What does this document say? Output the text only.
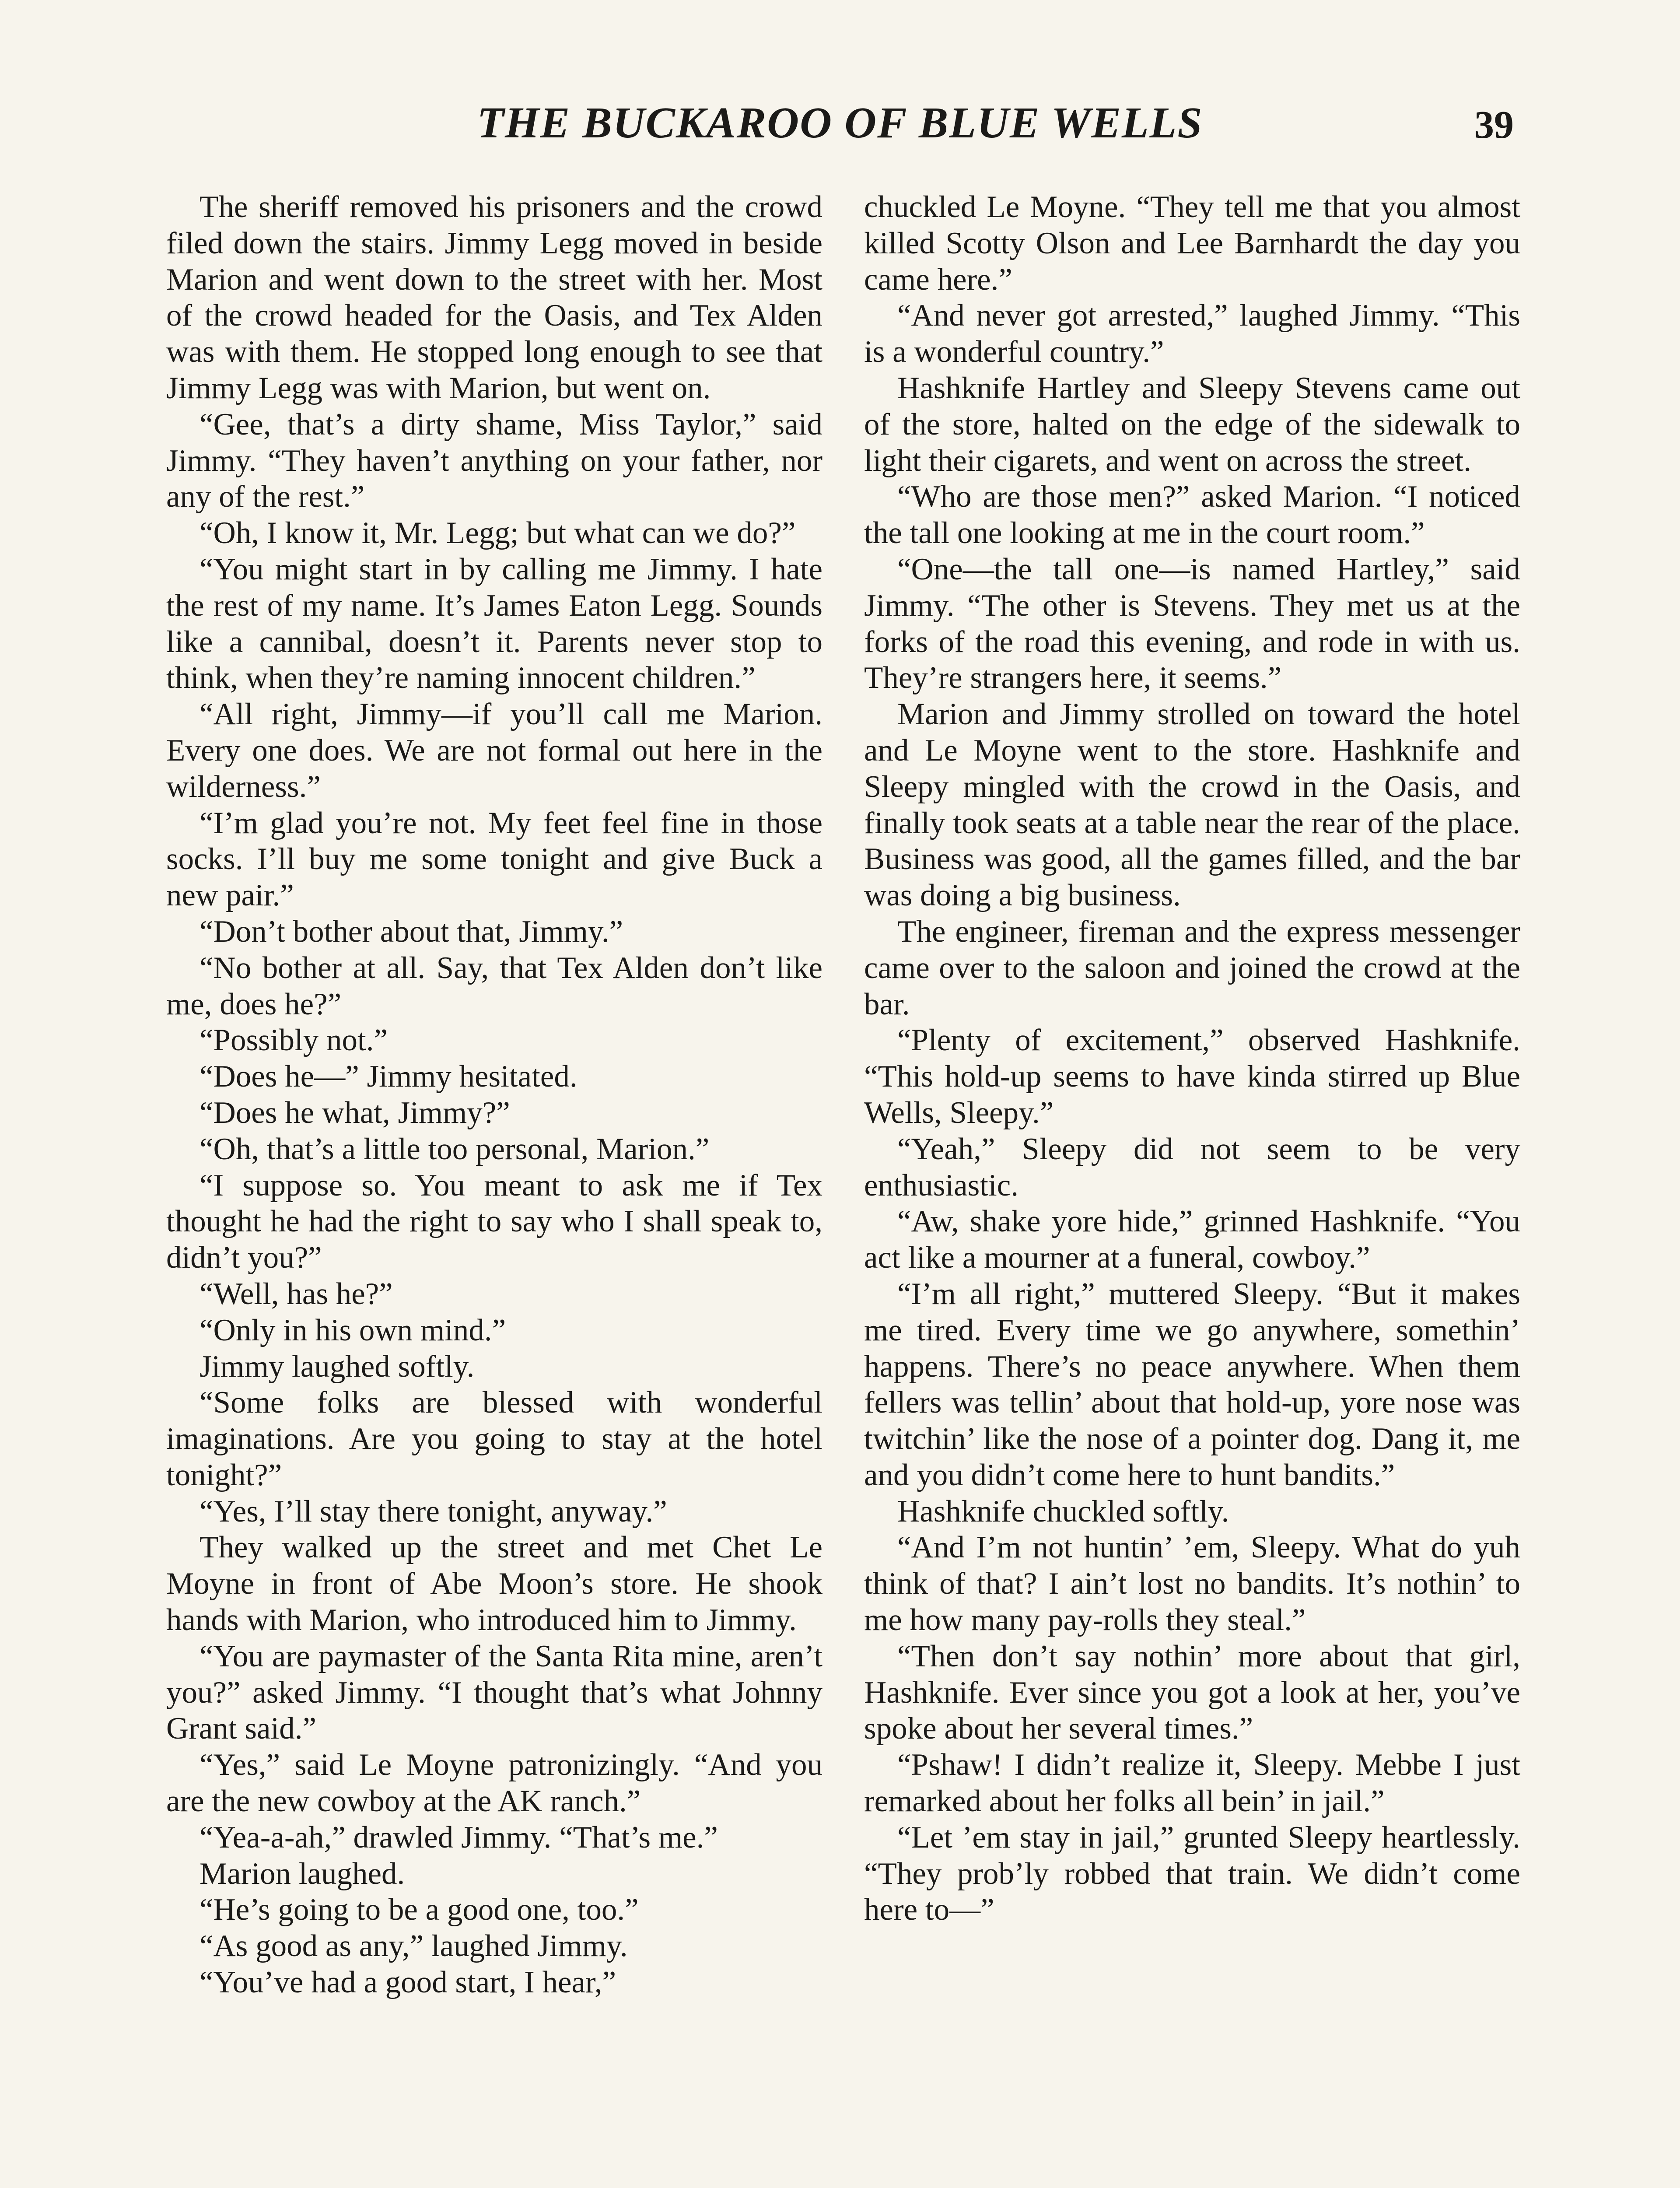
THE BUCKAROO OF BLUE WELLS	39

The sheriff removed his prisoners and the crowd filed down the stairs. Jimmy Legg moved in beside Marion and went down to the street with her. Most of the crowd headed for the Oasis, and Tex Alden was with them. He stopped long enough to see that Jimmy Legg was with Marion, but went on.

“Gee, that’s a dirty shame, Miss Taylor,” said Jimmy. “They haven’t anything on your father, nor any of the rest.”

“Oh, I know it, Mr. Legg; but what can we do?”

“You might start in by calling me Jimmy. I hate the rest of my name. It’s James Eaton Legg. Sounds like a cannibal, doesn’t it. Parents never stop to think, when they’re naming innocent children.”

“All right, Jimmy—if you’ll call me Marion. Every one does. We are not formal out here in the wilderness.”

“I’m glad you’re not. My feet feel fine in those socks. I’ll buy me some tonight and give Buck a new pair.”

“Don’t bother about that, Jimmy.”

“No bother at all. Say, that Tex Alden don’t like me, does he?”

“Possibly not.”

“Does he—” Jimmy hesitated.

“Does he what, Jimmy?”

“Oh, that’s a little too personal, Marion.”

“I suppose so. You meant to ask me if Tex thought he had the right to say who I shall speak to, didn’t you?”

“Well, has he?”

“Only in his own mind.”

Jimmy laughed softly.

“Some folks are blessed with wonderful imaginations. Are you going to stay at the hotel tonight?”

“Yes, I’ll stay there tonight, anyway.”

They walked up the street and met Chet Le Moyne in front of Abe Moon’s store. He shook hands with Marion, who introduced him to Jimmy.

“You are paymaster of the Santa Rita mine, aren’t you?” asked Jimmy. “I thought that’s what Johnny Grant said.”

“Yes,” said Le Moyne patronizingly. “And you are the new cowboy at the AK ranch.”

“Yea-a-ah,” drawled Jimmy. “That’s me.”

Marion laughed.

“He’s going to be a good one, too.”

“As good as any,” laughed Jimmy.

“You’ve had a good start, I hear,”

chuckled Le Moyne. “They tell me that you almost killed Scotty Olson and Lee Barnhardt the day you came here.”

“And never got arrested,” laughed Jimmy. “This is a wonderful country.”

Hashknife Hartley and Sleepy Stevens came out of the store, halted on the edge of the sidewalk to light their cigarets, and went on across the street.

“Who are those men?” asked Marion. “I noticed the tall one looking at me in the court room.”

“One—the tall one—is named Hartley,” said Jimmy. “The other is Stevens. They met us at the forks of the road this evening, and rode in with us. They’re strangers here, it seems.”

Marion and Jimmy strolled on toward the hotel and Le Moyne went to the store. Hashknife and Sleepy mingled with the crowd in the Oasis, and finally took seats at a table near the rear of the place. Business was good, all the games filled, and the bar was doing a big business.

The engineer, fireman and the express messenger came over to the saloon and joined the crowd at the bar.

“Plenty of excitement,” observed Hashknife. “This hold-up seems to have kinda stirred up Blue Wells, Sleepy.”

“Yeah,” Sleepy did not seem to be very enthusiastic.

“Aw, shake yore hide,” grinned Hashknife. “You act like a mourner at a funeral, cowboy.”

“I’m all right,” muttered Sleepy. “But it makes me tired. Every time we go anywhere, somethin’ happens. There’s no peace anywhere. When them fellers was tellin’ about that hold-up, yore nose was twitchin’ like the nose of a pointer dog. Dang it, me and you didn’t come here to hunt bandits.”

Hashknife chuckled softly.

“And I’m not huntin’ ’em, Sleepy. What do yuh think of that? I ain’t lost no bandits. It’s nothin’ to me how many pay-rolls they steal.”

“Then don’t say nothin’ more about that girl, Hashknife. Ever since you got a look at her, you’ve spoke about her several times.”

“Pshaw! I didn’t realize it, Sleepy. Mebbe I just remarked about her folks all bein’ in jail.”

“Let ’em stay in jail,” grunted Sleepy heartlessly. “They prob’ly robbed that train. We didn’t come here to—”
